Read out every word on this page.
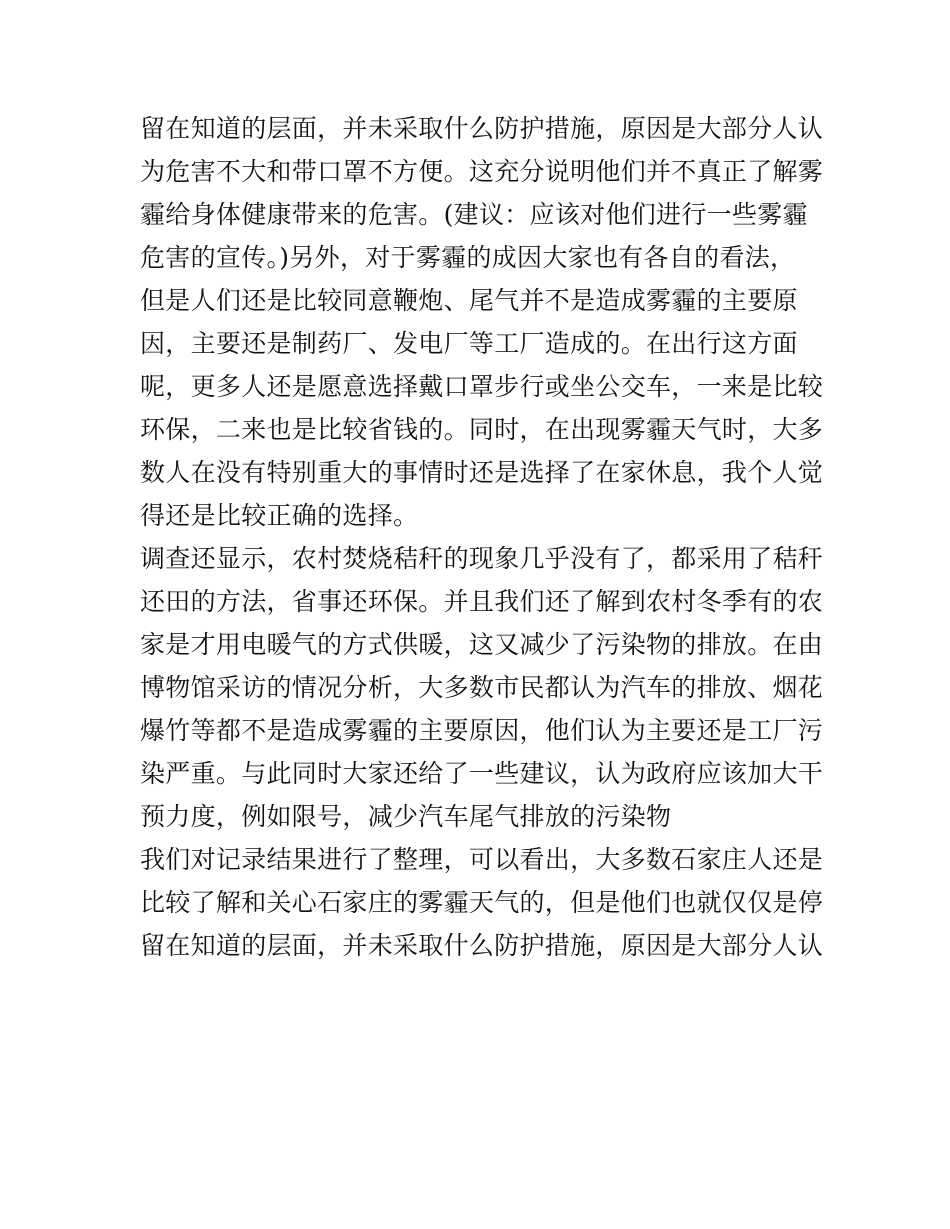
留在知道的层面，并未采取什么防护措施，原因是大部分人认
为危害不大和带口罩不方便。这充分说明他们并不真正了解雾
霾给身体健康带来的危害。(建议：应该对他们进行一些雾霾
危害的宣传。)另外，对于雾霾的成因大家也有各自的看法，
但是人们还是比较同意鞭炮、尾气并不是造成雾霾的主要原
因，主要还是制药厂、发电厂等工厂造成的。在出行这方面
呢，更多人还是愿意选择戴口罩步行或坐公交车，一来是比较
环保，二来也是比较省钱的。同时，在出现雾霾天气时，大多
数人在没有特别重大的事情时还是选择了在家休息，我个人觉
得还是比较正确的选择。
调查还显示，农村焚烧秸秆的现象几乎没有了，都采用了秸秆
还田的方法，省事还环保。并且我们还了解到农村冬季有的农
家是才用电暖气的方式供暖，这又减少了污染物的排放。在由
博物馆采访的情况分析，大多数市民都认为汽车的排放、烟花
爆竹等都不是造成雾霾的主要原因，他们认为主要还是工厂污
染严重。与此同时大家还给了一些建议，认为政府应该加大干
预力度，例如限号，减少汽车尾气排放的污染物
我们对记录结果进行了整理，可以看出，大多数石家庄人还是
比较了解和关心石家庄的雾霾天气的，但是他们也就仅仅是停
留在知道的层面，并未采取什么防护措施，原因是大部分人认
